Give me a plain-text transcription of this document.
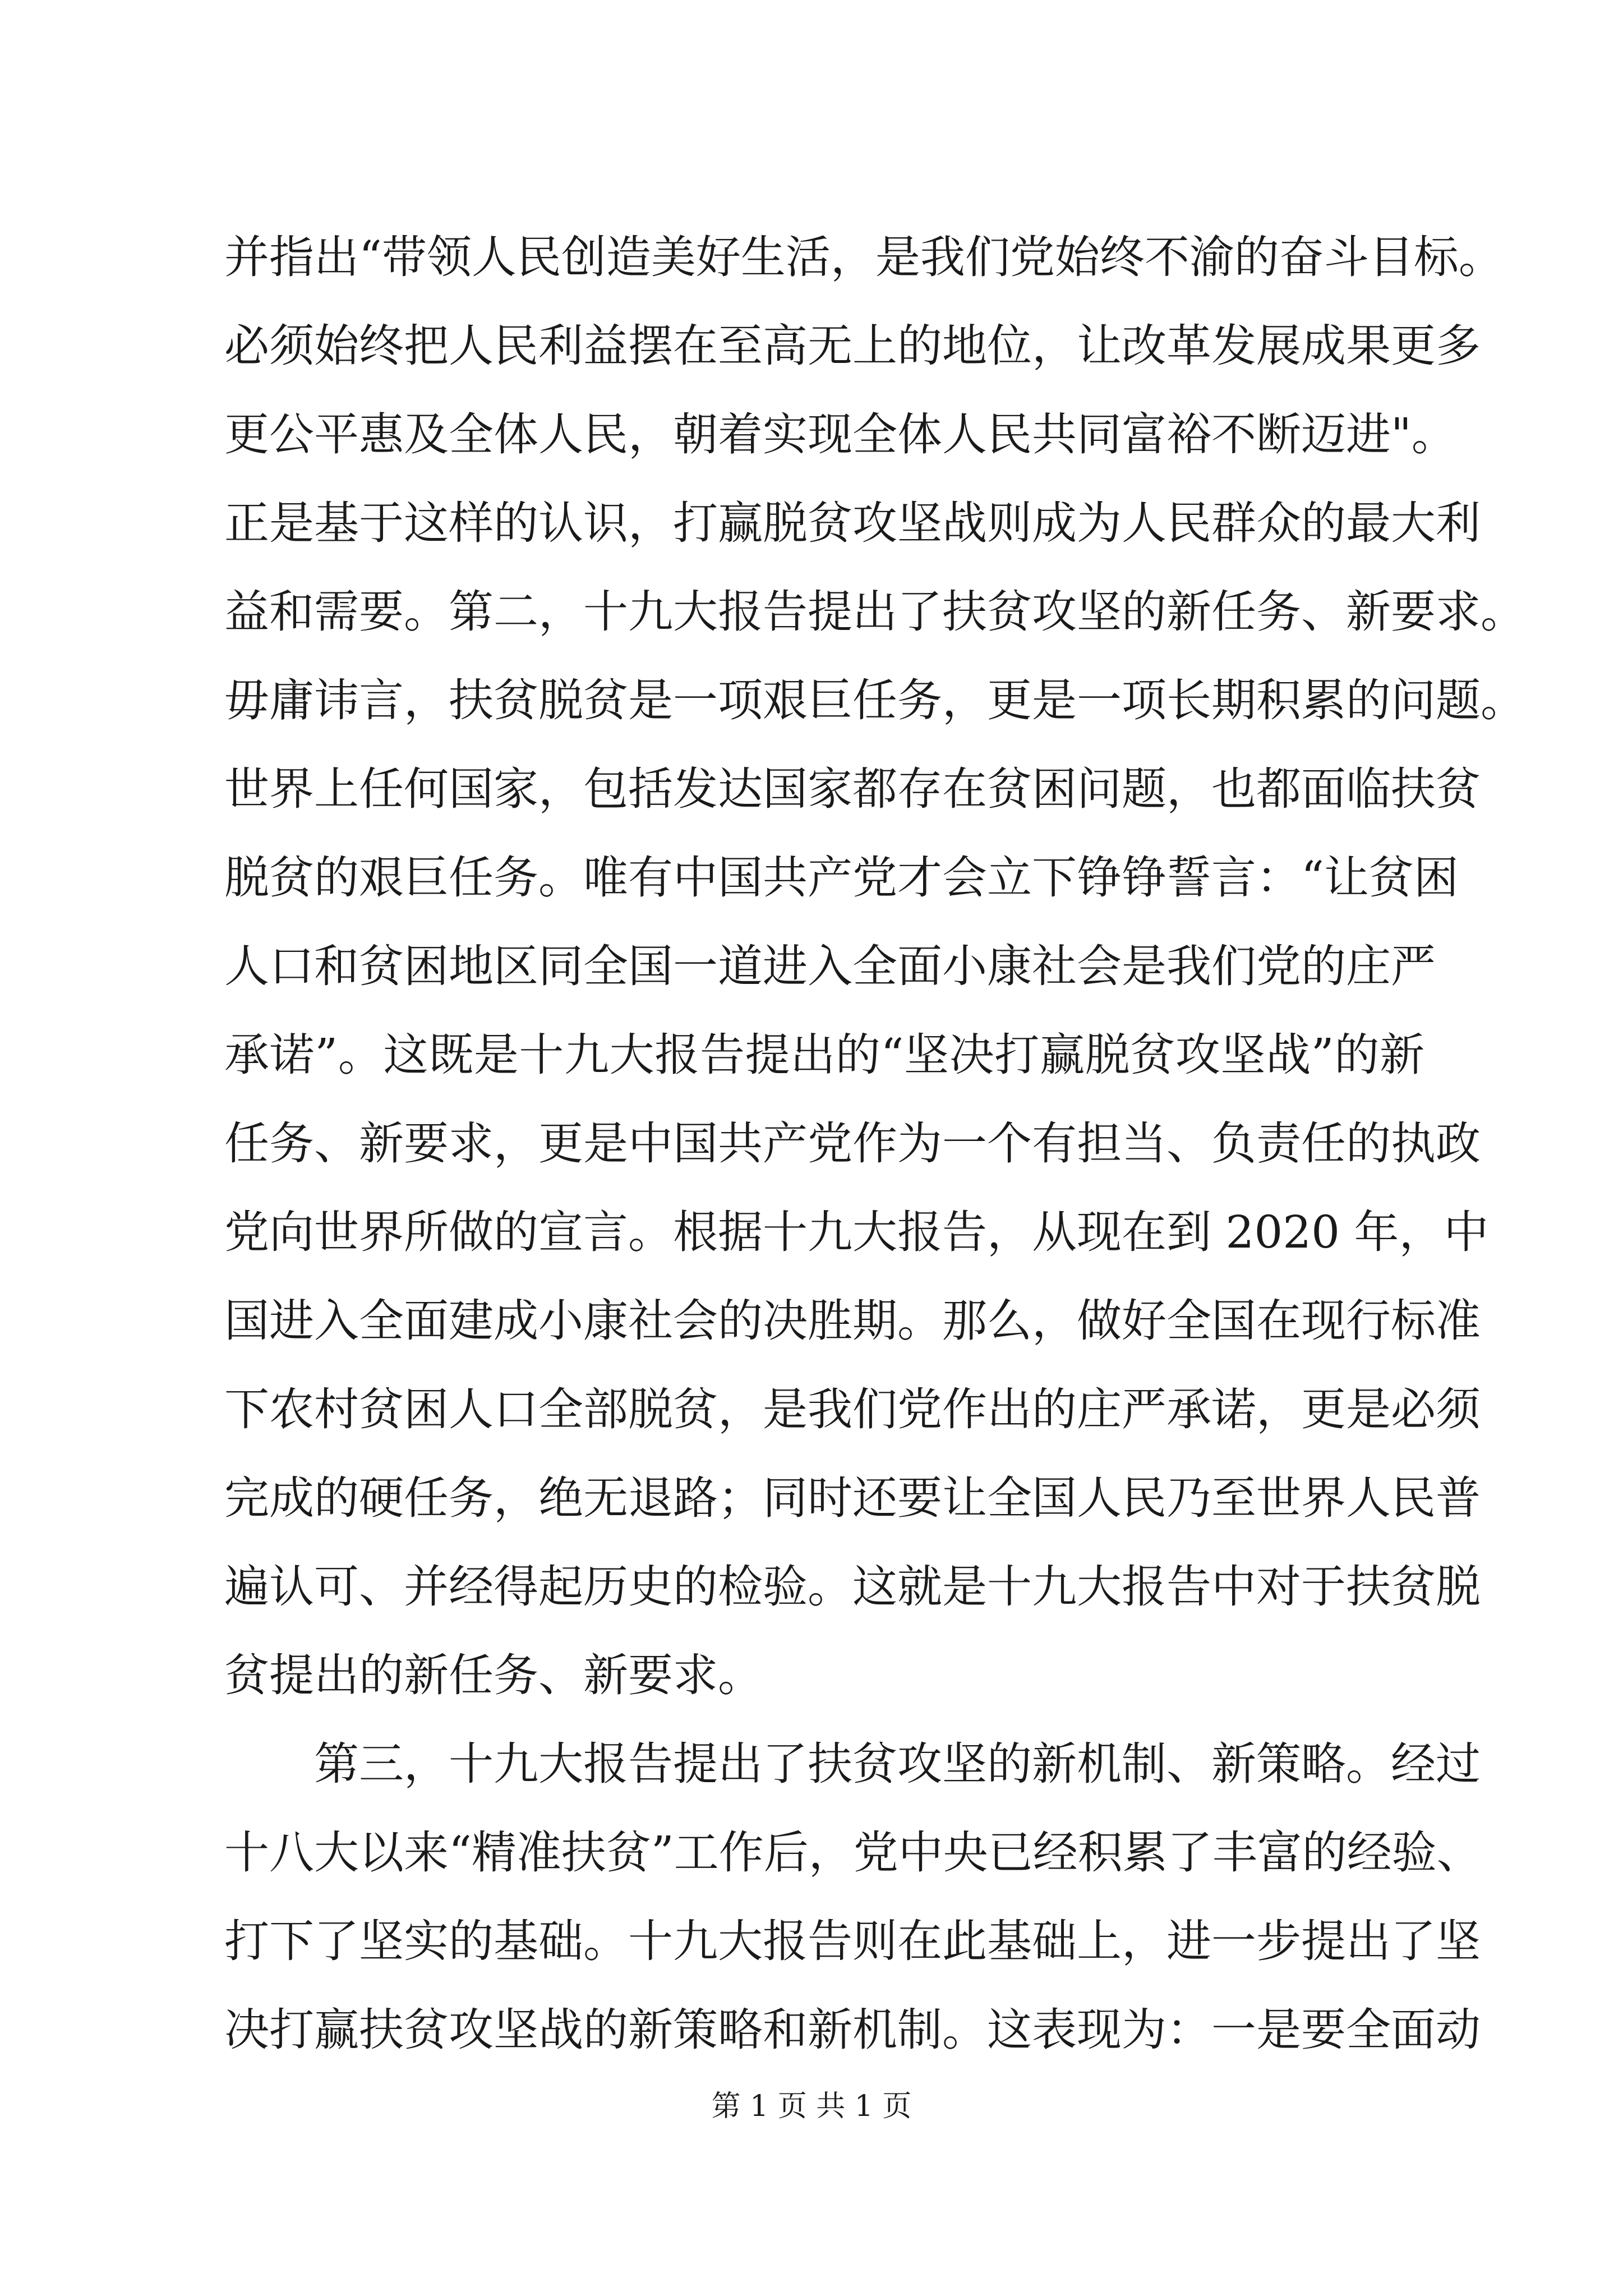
并指出“带领人民创造美好生活，是我们党始终不渝的奋斗目标。
必须始终把人民利益摆在至高无上的地位，让改革发展成果更多
更公平惠及全体人民，朝着实现全体人民共同富裕不断迈进"。
正是基于这样的认识，打赢脱贫攻坚战则成为人民群众的最大利
益和需要。第二，十九大报告提出了扶贫攻坚的新任务、新要求。
毋庸讳言，扶贫脱贫是一项艰巨任务，更是一项长期积累的问题。
世界上任何国家，包括发达国家都存在贫困问题，也都面临扶贫
脱贫的艰巨任务。唯有中国共产党才会立下铮铮誓言：“让贫困
人口和贫困地区同全国一道进入全面小康社会是我们党的庄严
承诺”。这既是十九大报告提出的“坚决打赢脱贫攻坚战”的新
任务、新要求，更是中国共产党作为一个有担当、负责任的执政
党向世界所做的宣言。根据十九大报告，从现在到 2020 年，中
国进入全面建成小康社会的决胜期。那么，做好全国在现行标准
下农村贫困人口全部脱贫，是我们党作出的庄严承诺，更是必须
完成的硬任务，绝无退路；同时还要让全国人民乃至世界人民普
遍认可、并经得起历史的检验。这就是十九大报告中对于扶贫脱
贫提出的新任务、新要求。
第三，十九大报告提出了扶贫攻坚的新机制、新策略。经过
十八大以来“精准扶贫”工作后，党中央已经积累了丰富的经验、
打下了坚实的基础。十九大报告则在此基础上，进一步提出了坚
决打赢扶贫攻坚战的新策略和新机制。这表现为：一是要全面动
第 1 页 共 1 页
